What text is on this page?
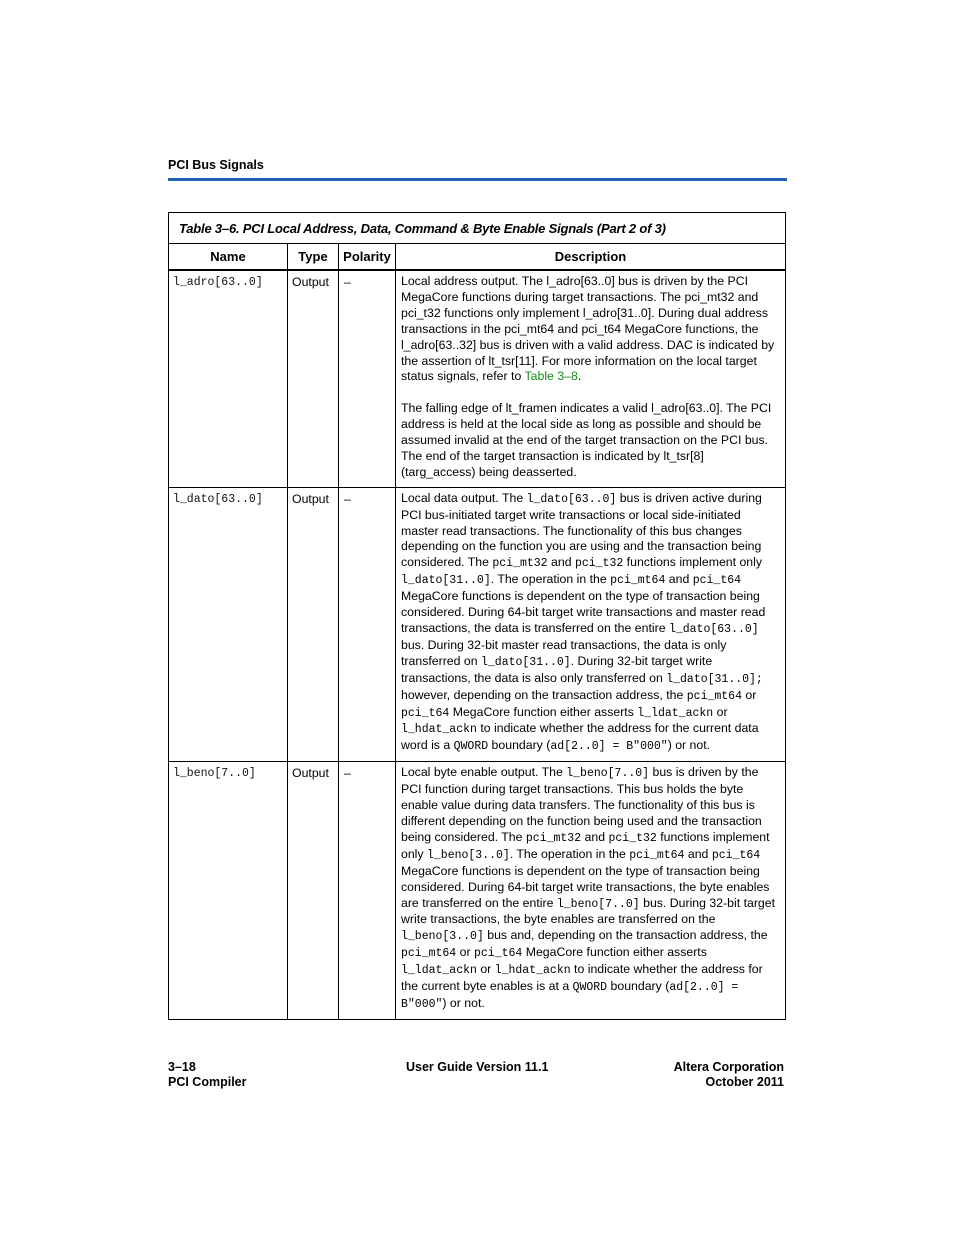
PCI Bus Signals
Table 3–6. PCI Local Address, Data, Command & Byte Enable Signals (Part 2 of 3)			
Name	Type	Polarity	Description
l_adro[63..0]	Output	–	Local address output. The l_adro[63..0] bus is driven by the PCI MegaCore functions during target transactions. The pci_mt32 and pci_t32 functions only implement l_adro[31..0]. During dual address transactions in the pci_mt64 and pci_t64 MegaCore functions, the l_adro[63..32] bus is driven with a valid address. DAC is indicated by the assertion of lt_tsr[11]. For more information on the local target status signals, refer to Table 3–8.

The falling edge of lt_framen indicates a valid l_adro[63..0]. The PCI address is held at the local side as long as possible and should be assumed invalid at the end of the target transaction on the PCI bus. The end of the target transaction is indicated by lt_tsr[8] (targ_access) being deasserted.

l_dato[63..0]	Output	–	Local data output. The l_dato[63..0] bus is driven active during PCI bus-initiated target write transactions or local side-initiated master read transactions. The functionality of this bus changes depending on the function you are using and the transaction being considered. The pci_mt32 and pci_t32 functions implement only l_dato[31..0]. The operation in the pci_mt64 and pci_t64 MegaCore functions is dependent on the type of transaction being considered. During 64-bit target write transactions and master read transactions, the data is transferred on the entire l_dato[63..0] bus. During 32-bit master read transactions, the data is only transferred on l_dato[31..0]. During 32-bit target write transactions, the data is also only transferred on l_dato[31..0]; however, depending on the transaction address, the pci_mt64 or pci_t64 MegaCore function either asserts l_ldat_ackn or l_hdat_ackn to indicate whether the address for the current data word is a QWORD boundary (ad[2..0] = B"000") or not.

l_beno[7..0]	Output	–	Local byte enable output. The l_beno[7..0] bus is driven by the PCI function during target transactions. This bus holds the byte enable value during data transfers. The functionality of this bus is different depending on the function being used and the transaction being considered. The pci_mt32 and pci_t32 functions implement only l_beno[3..0]. The operation in the pci_mt64 and pci_t64 MegaCore functions is dependent on the type of transaction being considered. During 64-bit target write transactions, the byte enables are transferred on the entire l_beno[7..0] bus. During 32-bit target write transactions, the byte enables are transferred on the l_beno[3..0] bus and, depending on the transaction address, the pci_mt64 or pci_t64 MegaCore function either asserts l_ldat_ackn or l_hdat_ackn to indicate whether the address for the current byte enables is at a QWORD boundary (ad[2..0] = B"000") or not.

3–18
PCI Compiler
User Guide Version 11.1	Altera Corporation
October 2011
